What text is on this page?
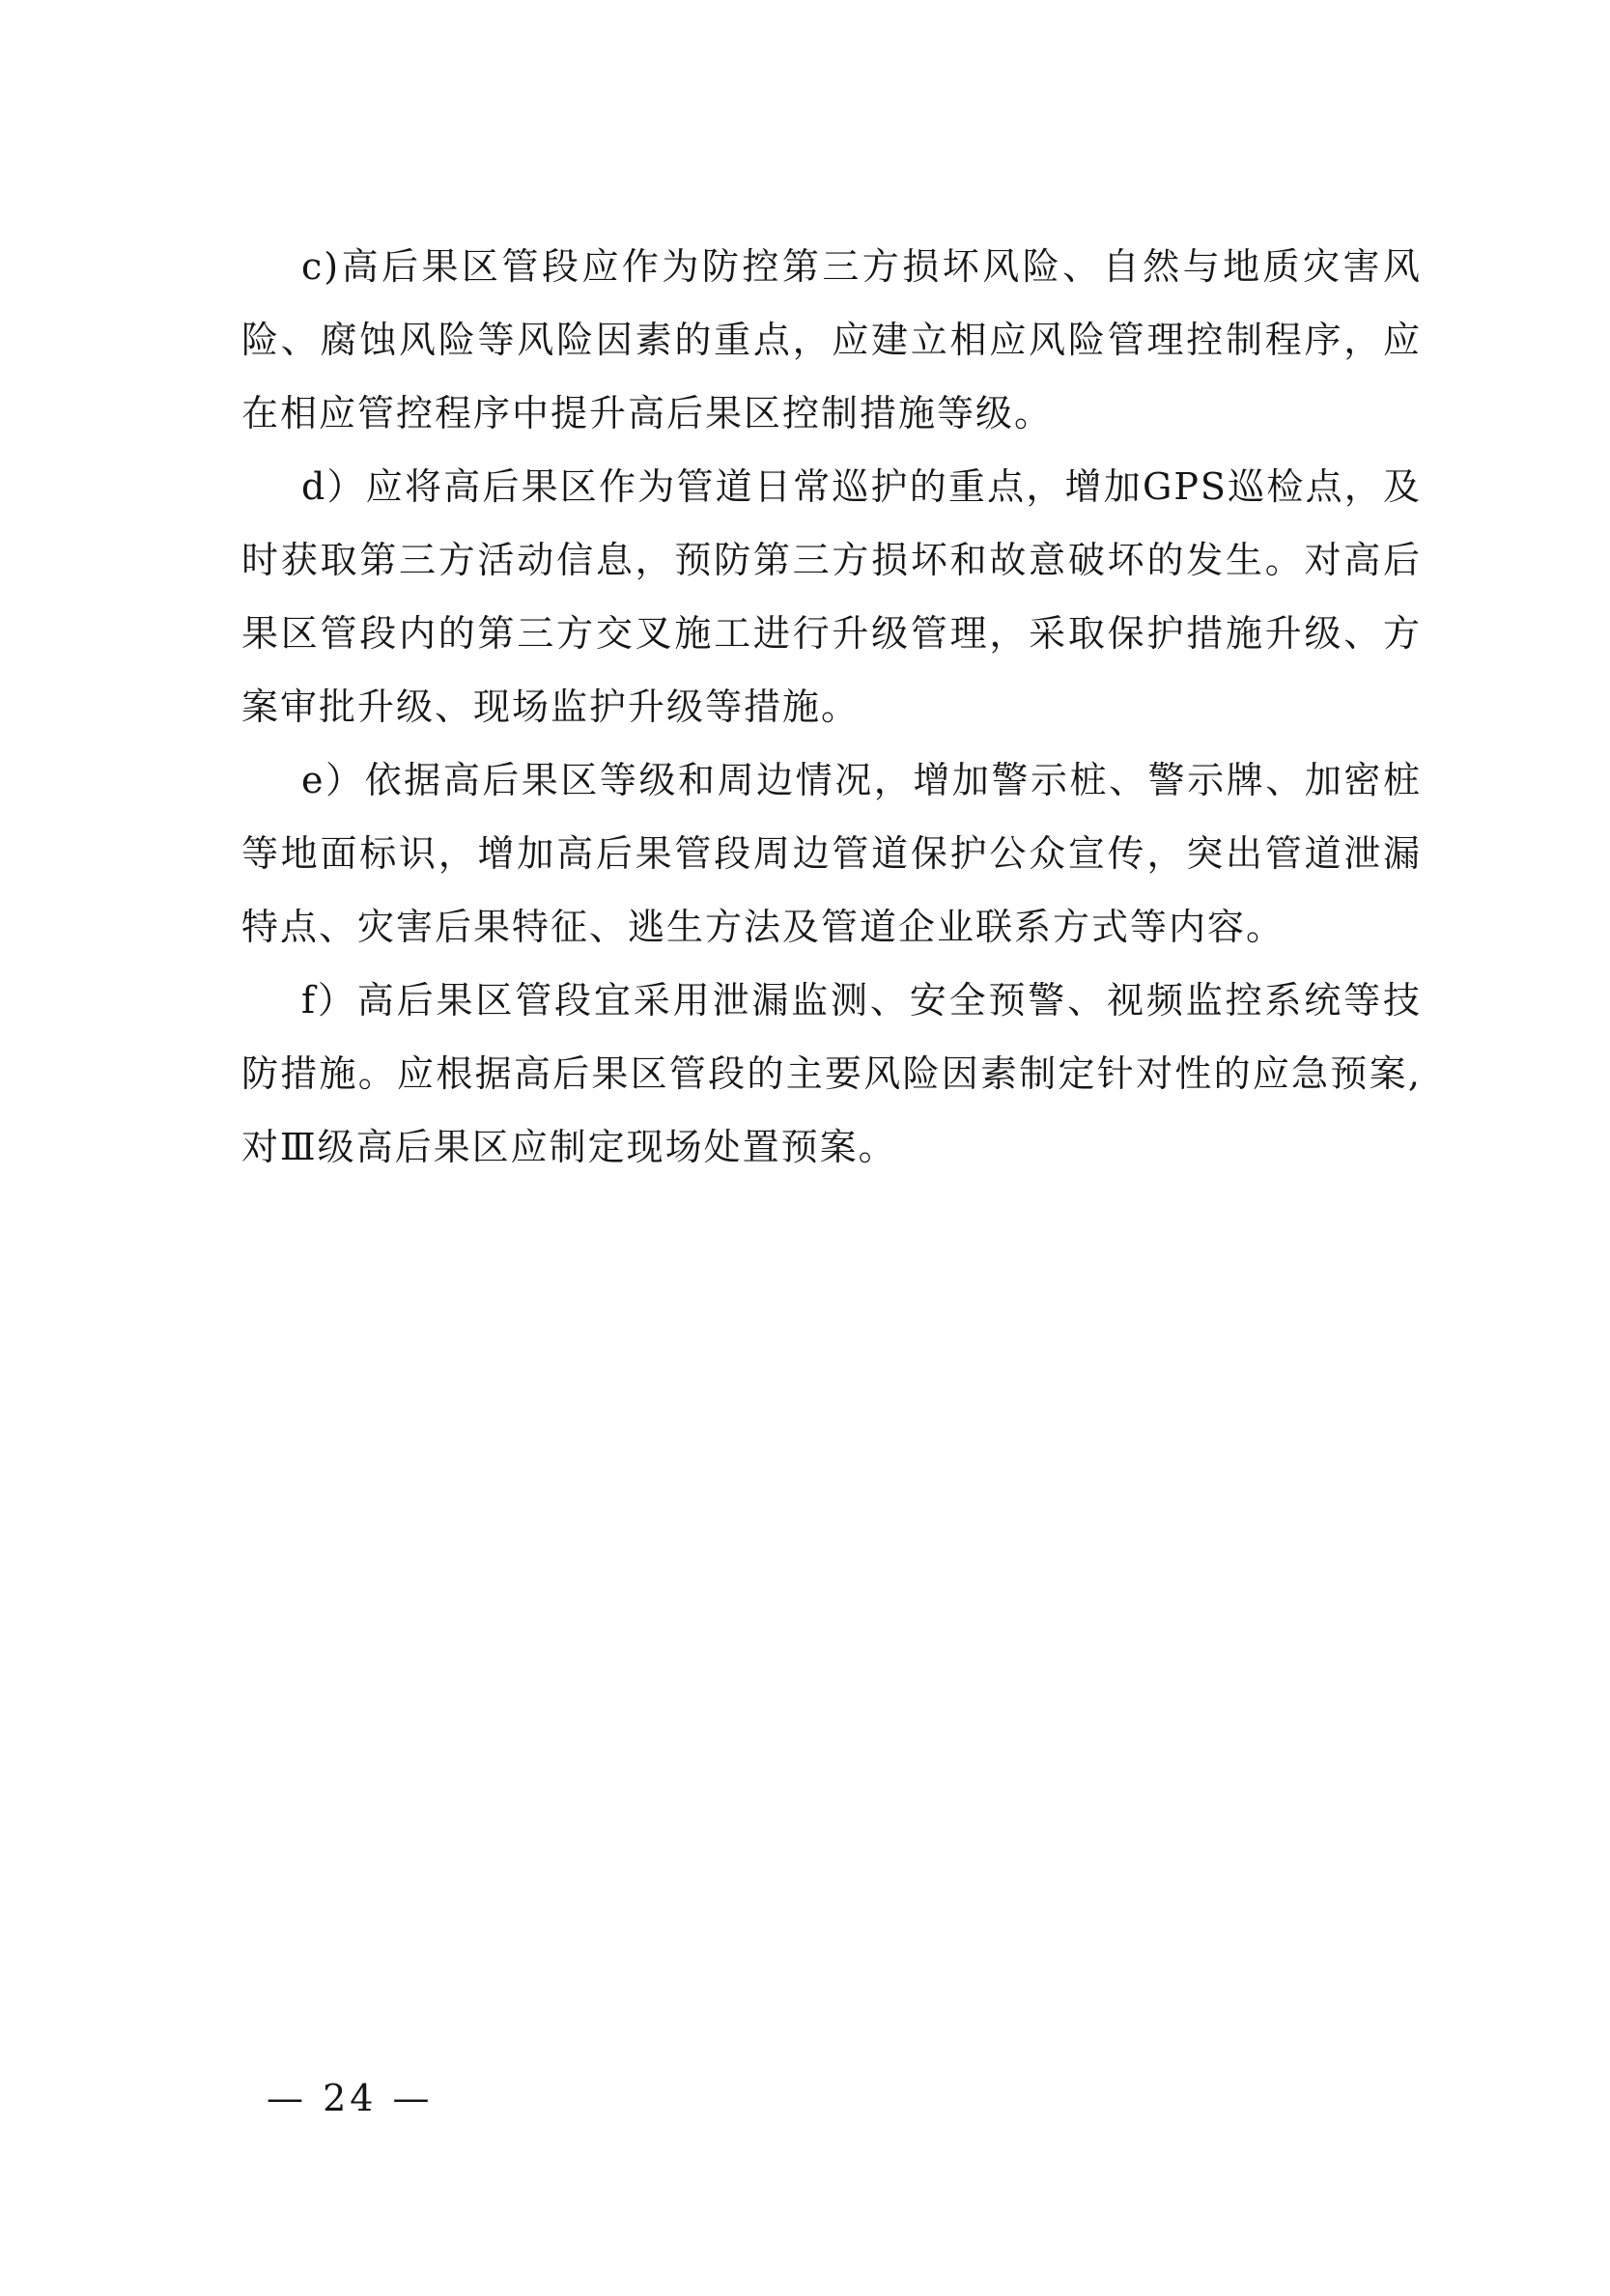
c)高后果区管段应作为防控第三方损坏风险、自然与地质灾害风险、腐蚀风险等风险因素的重点，应建立相应风险管理控制程序，应在相应管控程序中提升高后果区控制措施等级。

d）应将高后果区作为管道日常巡护的重点，增加GPS巡检点，及时获取第三方活动信息，预防第三方损坏和故意破坏的发生。对高后果区管段内的第三方交叉施工进行升级管理，采取保护措施升级、方案审批升级、现场监护升级等措施。

e）依据高后果区等级和周边情况，增加警示桩、警示牌、加密桩等地面标识，增加高后果管段周边管道保护公众宣传，突出管道泄漏特点、灾害后果特征、逃生方法及管道企业联系方式等内容。

f）高后果区管段宜采用泄漏监测、安全预警、视频监控系统等技防措施。应根据高后果区管段的主要风险因素制定针对性的应急预案,对Ⅲ级高后果区应制定现场处置预案。

— 24 —
